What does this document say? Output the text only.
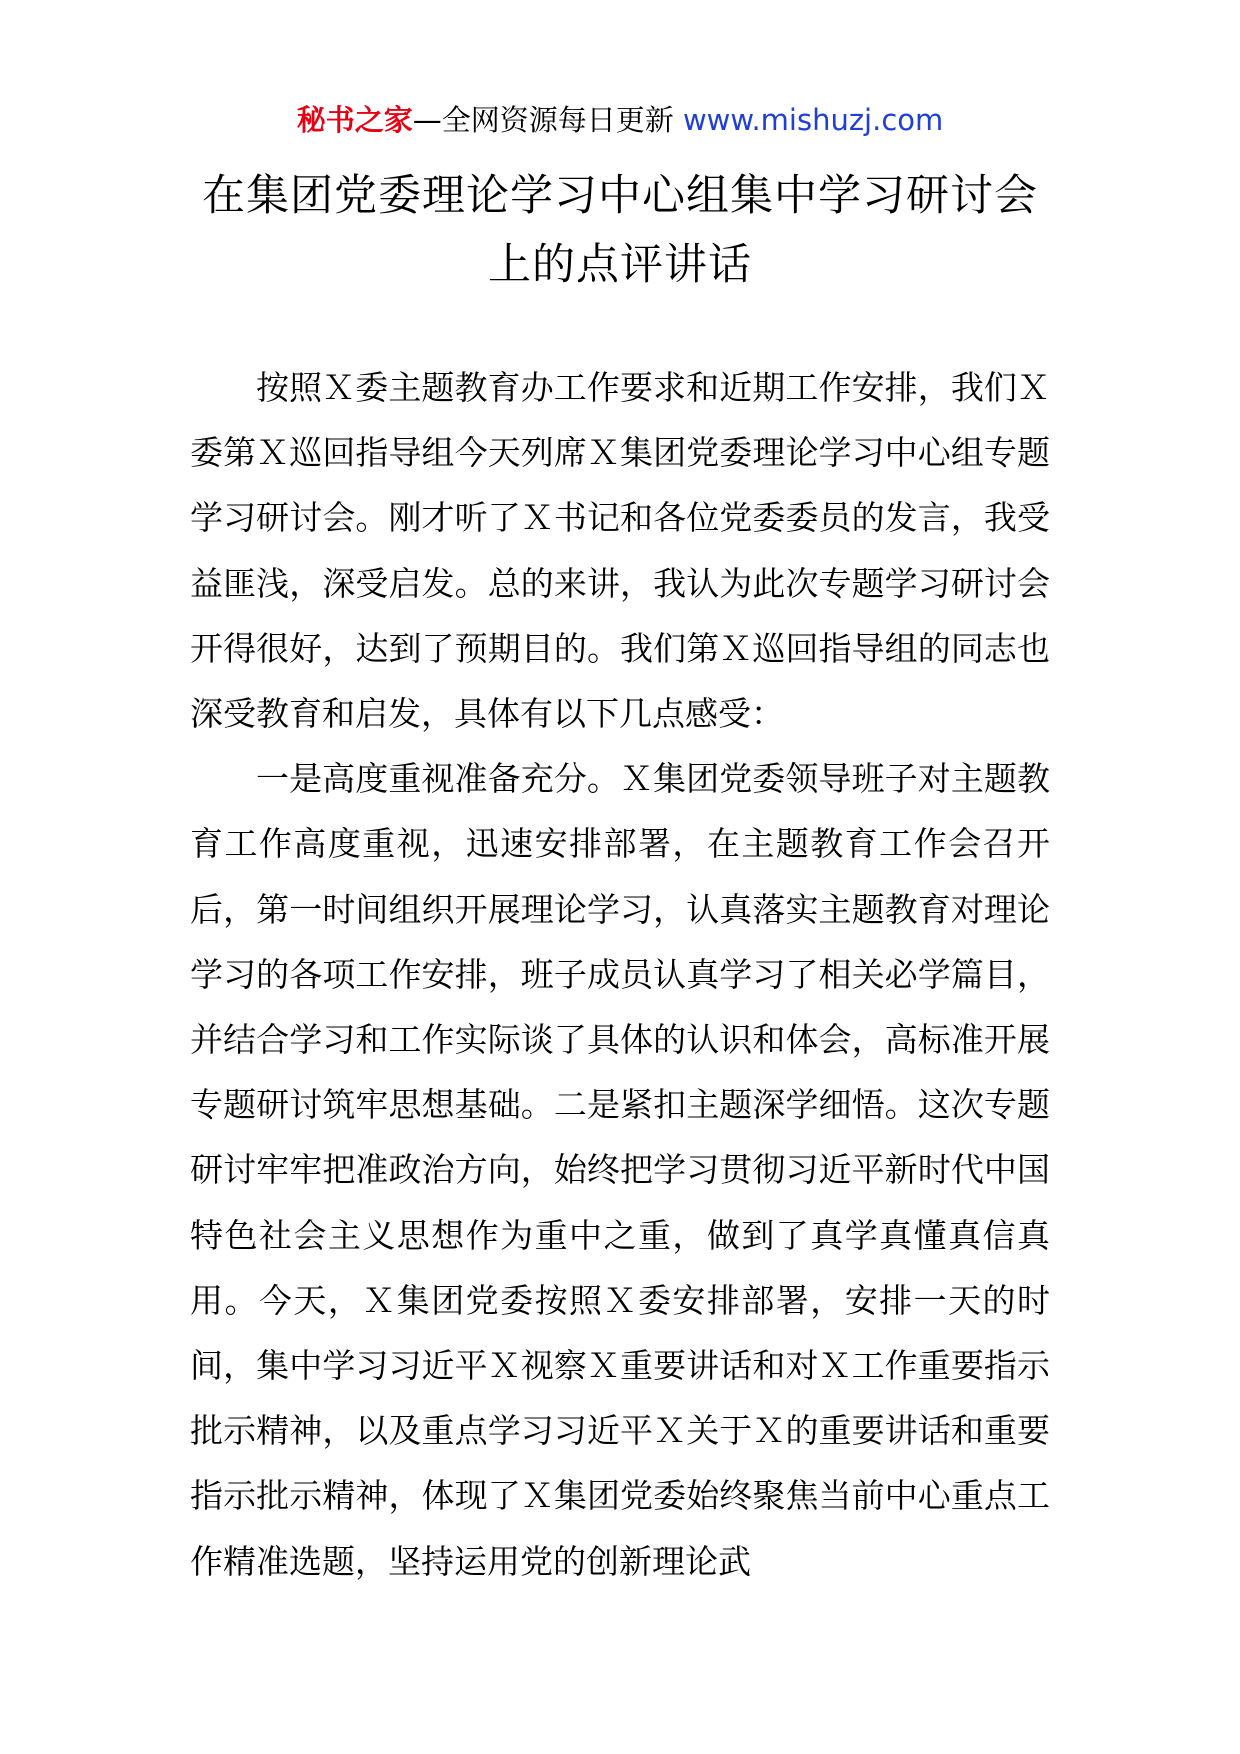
秘书之家—全网资源每日更新 www.mishuzj.com
在集团党委理论学习中心组集中学习研讨会上的点评讲话

按照Ｘ委主题教育办工作要求和近期工作安排，我们Ｘ委第Ｘ巡回指导组今天列席Ｘ集团党委理论学习中心组专题学习研讨会。刚才听了Ｘ书记和各位党委委员的发言，我受益匪浅，深受启发。总的来讲，我认为此次专题学习研讨会开得很好，达到了预期目的。我们第Ｘ巡回指导组的同志也深受教育和启发，具体有以下几点感受：

一是高度重视准备充分。Ｘ集团党委领导班子对主题教育工作高度重视，迅速安排部署，在主题教育工作会召开后，第一时间组织开展理论学习，认真落实主题教育对理论学习的各项工作安排，班子成员认真学习了相关必学篇目，并结合学习和工作实际谈了具体的认识和体会，高标准开展专题研讨筑牢思想基础。二是紧扣主题深学细悟。这次专题研讨牢牢把准政治方向，始终把学习贯彻习近平新时代中国特色社会主义思想作为重中之重，做到了真学真懂真信真用。今天，Ｘ集团党委按照Ｘ委安排部署，安排一天的时间，集中学习习近平Ｘ视察Ｘ重要讲话和对Ｘ工作重要指示批示精神，以及重点学习习近平Ｘ关于Ｘ的重要讲话和重要指示批示精神，体现了Ｘ集团党委始终聚焦当前中心重点工作精准选题，坚持运用党的创新理论武
